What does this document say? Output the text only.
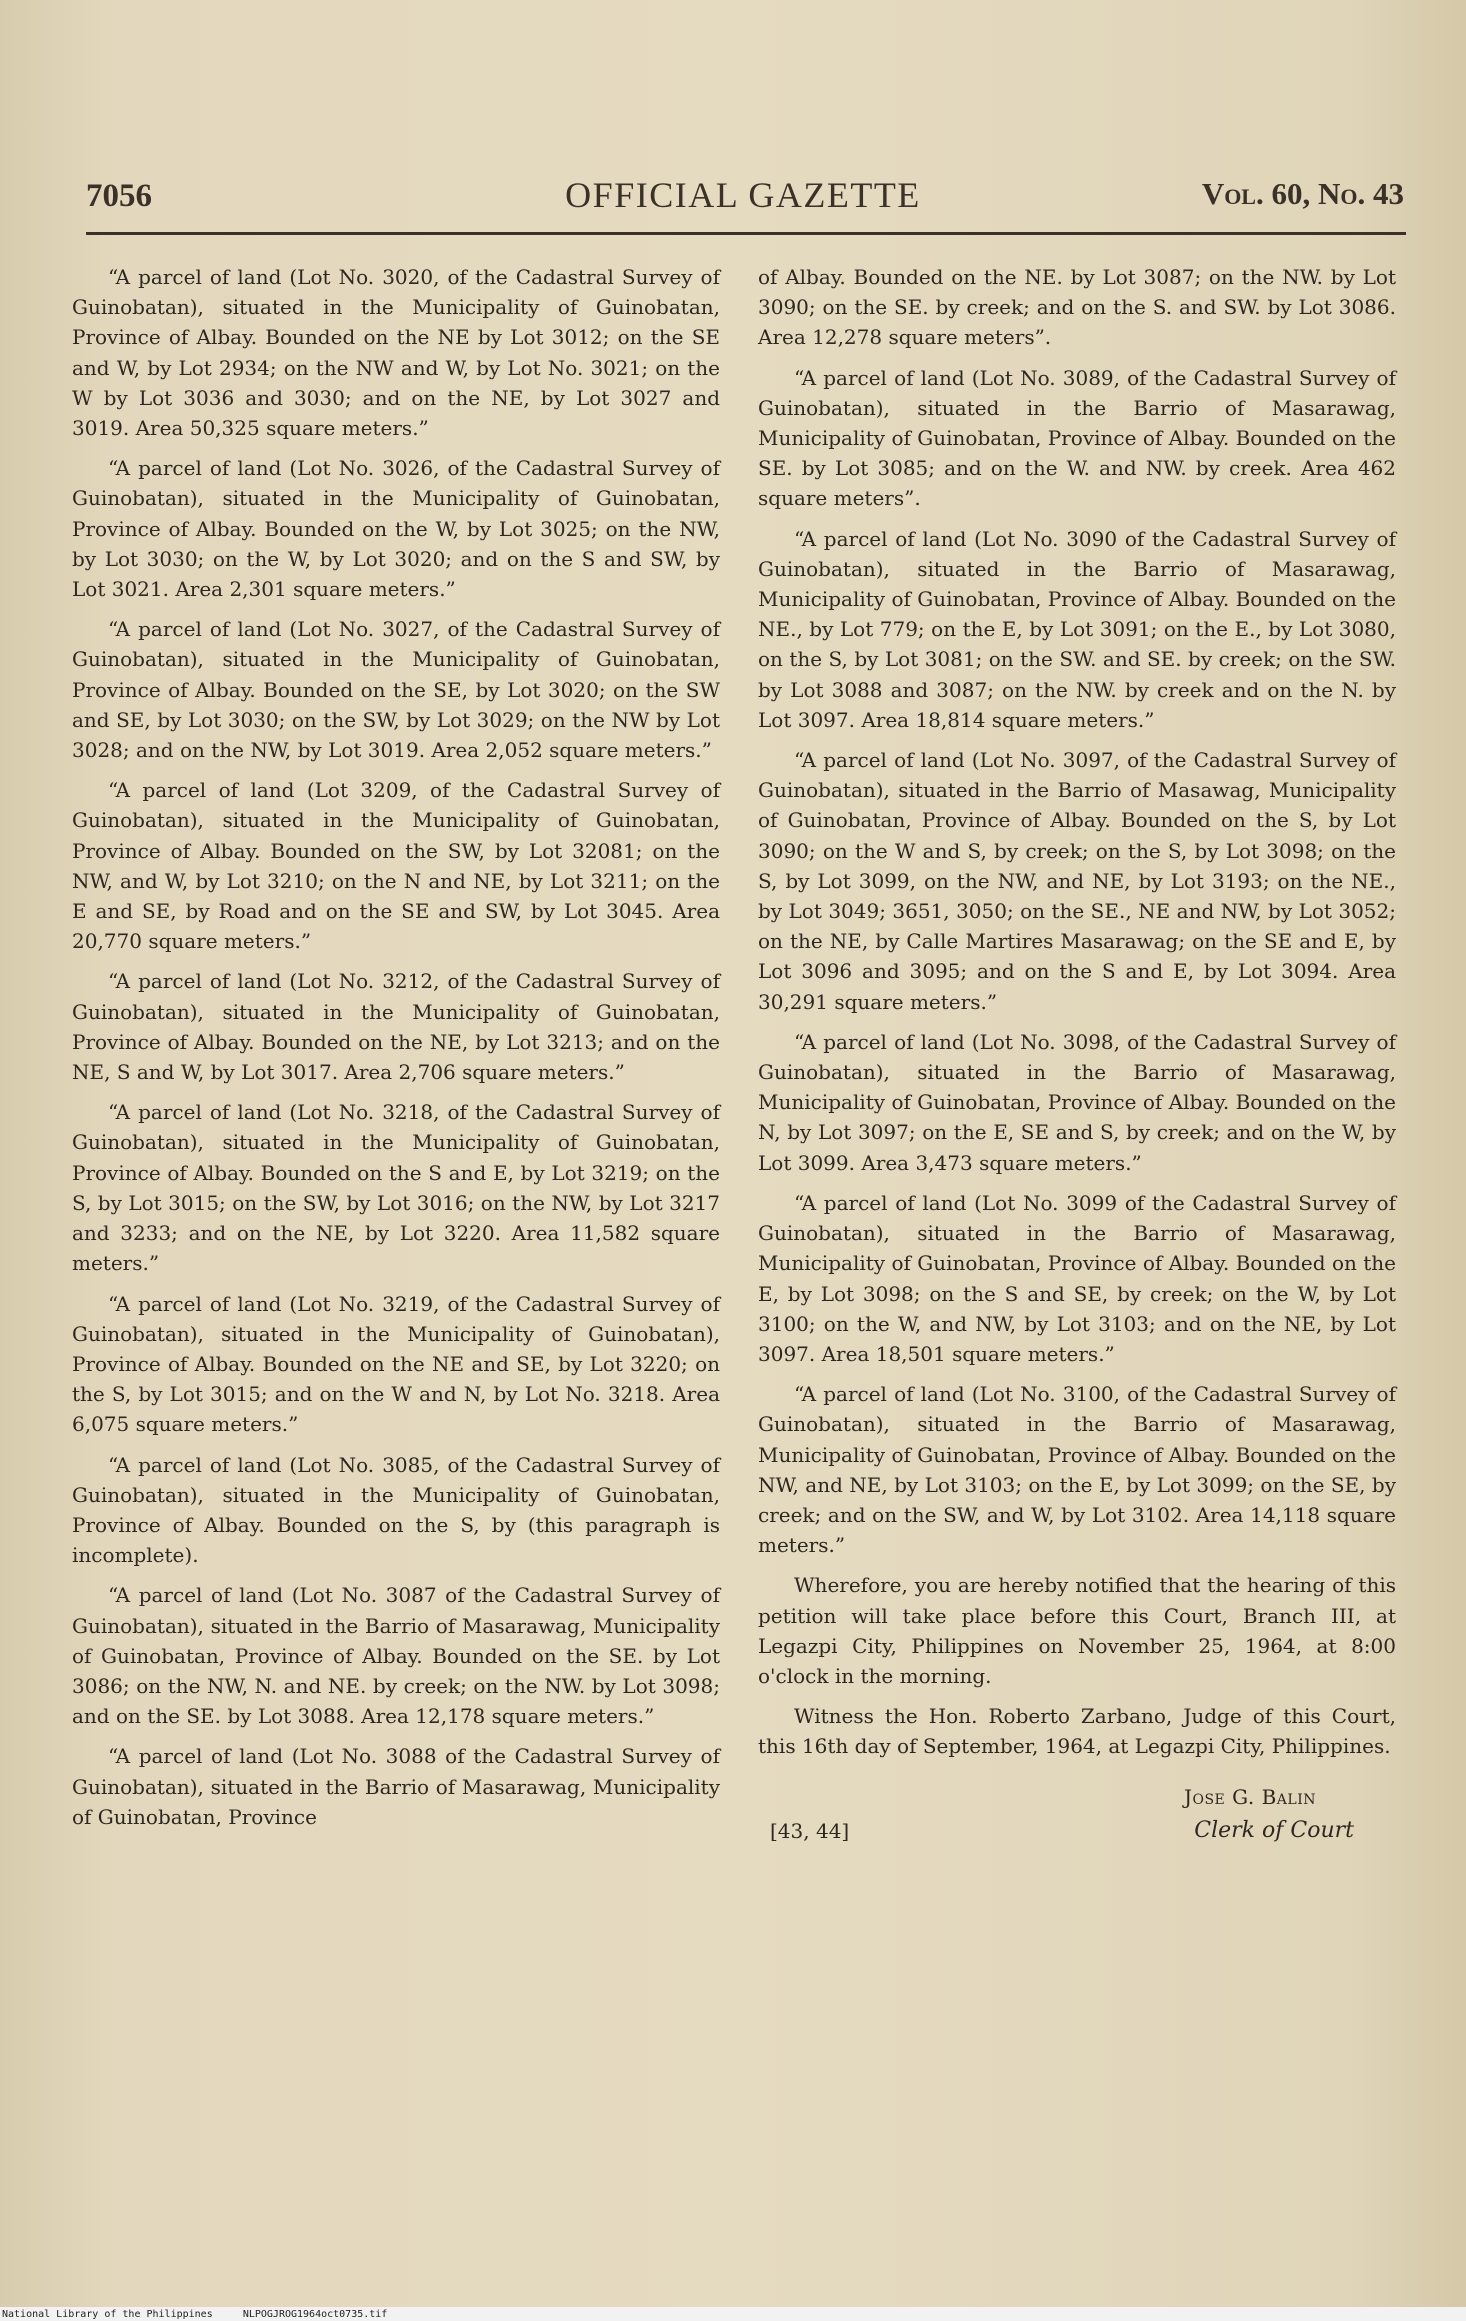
7056	OFFICIAL GAZETTE	Vol. 60, No. 43

“A parcel of land (Lot No. 3020, of the Cadastral Survey of Guinobatan), situated in the Municipality of Guinobatan, Province of Albay. Bounded on the NE by Lot 3012; on the SE and W, by Lot 2934; on the NW and W, by Lot No. 3021; on the W by Lot 3036 and 3030; and on the NE, by Lot 3027 and 3019. Area 50,325 square meters.”

“A parcel of land (Lot No. 3026, of the Cadastral Survey of Guinobatan), situated in the Municipality of Guinobatan, Province of Albay. Bounded on the W, by Lot 3025; on the NW, by Lot 3030; on the W, by Lot 3020; and on the S and SW, by Lot 3021. Area 2,301 square meters.”

“A parcel of land (Lot No. 3027, of the Cadastral Survey of Guinobatan), situated in the Municipality of Guinobatan, Province of Albay. Bounded on the SE, by Lot 3020; on the SW and SE, by Lot 3030; on the SW, by Lot 3029; on the NW by Lot 3028; and on the NW, by Lot 3019. Area 2,052 square meters.”

“A parcel of land (Lot 3209, of the Cadastral Survey of Guinobatan), situated in the Municipality of Guinobatan, Province of Albay. Bounded on the SW, by Lot 32081; on the NW, and W, by Lot 3210; on the N and NE, by Lot 3211; on the E and SE, by Road and on the SE and SW, by Lot 3045. Area 20,770 square meters.”

“A parcel of land (Lot No. 3212, of the Cadastral Survey of Guinobatan), situated in the Municipality of Guinobatan, Province of Albay. Bounded on the NE, by Lot 3213; and on the NE, S and W, by Lot 3017. Area 2,706 square meters.”

“A parcel of land (Lot No. 3218, of the Cadastral Survey of Guinobatan), situated in the Municipality of Guinobatan, Province of Albay. Bounded on the S and E, by Lot 3219; on the S, by Lot 3015; on the SW, by Lot 3016; on the NW, by Lot 3217 and 3233; and on the NE, by Lot 3220. Area 11,582 square meters.”

“A parcel of land (Lot No. 3219, of the Cadastral Survey of Guinobatan), situated in the Municipality of Guinobatan), Province of Albay. Bounded on the NE and SE, by Lot 3220; on the S, by Lot 3015; and on the W and N, by Lot No. 3218. Area 6,075 square meters.”

“A parcel of land (Lot No. 3085, of the Cadastral Survey of Guinobatan), situated in the Municipality of Guinobatan, Province of Albay. Bounded on the S, by (this paragraph is incomplete).

“A parcel of land (Lot No. 3087 of the Cadastral Survey of Guinobatan), situated in the Barrio of Masarawag, Municipality of Guinobatan, Province of Albay. Bounded on the SE. by Lot 3086; on the NW, N. and NE. by creek; on the NW. by Lot 3098; and on the SE. by Lot 3088. Area 12,178 square meters.”

“A parcel of land (Lot No. 3088 of the Cadastral Survey of Guinobatan), situated in the Barrio of Masarawag, Municipality of Guinobatan, Province

of Albay. Bounded on the NE. by Lot 3087; on the NW. by Lot 3090; on the SE. by creek; and on the S. and SW. by Lot 3086. Area 12,278 square meters”.

“A parcel of land (Lot No. 3089, of the Cadastral Survey of Guinobatan), situated in the Barrio of Masarawag, Municipality of Guinobatan, Province of Albay. Bounded on the SE. by Lot 3085; and on the W. and NW. by creek. Area 462 square meters”.

“A parcel of land (Lot No. 3090 of the Cadastral Survey of Guinobatan), situated in the Barrio of Masarawag, Municipality of Guinobatan, Province of Albay. Bounded on the NE., by Lot 779; on the E, by Lot 3091; on the E., by Lot 3080, on the S, by Lot 3081; on the SW. and SE. by creek; on the SW. by Lot 3088 and 3087; on the NW. by creek and on the N. by Lot 3097. Area 18,814 square meters.”

“A parcel of land (Lot No. 3097, of the Cadastral Survey of Guinobatan), situated in the Barrio of Masawag, Municipality of Guinobatan, Province of Albay. Bounded on the S, by Lot 3090; on the W and S, by creek; on the S, by Lot 3098; on the S, by Lot 3099, on the NW, and NE, by Lot 3193; on the NE., by Lot 3049; 3651, 3050; on the SE., NE and NW, by Lot 3052; on the NE, by Calle Martires Masarawag; on the SE and E, by Lot 3096 and 3095; and on the S and E, by Lot 3094. Area 30,291 square meters.”

“A parcel of land (Lot No. 3098, of the Cadastral Survey of Guinobatan), situated in the Barrio of Masarawag, Municipality of Guinobatan, Province of Albay. Bounded on the N, by Lot 3097; on the E, SE and S, by creek; and on the W, by Lot 3099. Area 3,473 square meters.”

“A parcel of land (Lot No. 3099 of the Cadastral Survey of Guinobatan), situated in the Barrio of Masarawag, Municipality of Guinobatan, Province of Albay. Bounded on the E, by Lot 3098; on the S and SE, by creek; on the W, by Lot 3100; on the W, and NW, by Lot 3103; and on the NE, by Lot 3097. Area 18,501 square meters.”

“A parcel of land (Lot No. 3100, of the Cadastral Survey of Guinobatan), situated in the Barrio of Masarawag, Municipality of Guinobatan, Province of Albay. Bounded on the NW, and NE, by Lot 3103; on the E, by Lot 3099; on the SE, by creek; and on the SW, and W, by Lot 3102. Area 14,118 square meters.”

Wherefore, you are hereby notified that the hearing of this petition will take place before this Court, Branch III, at Legazpi City, Philippines on November 25, 1964, at 8:00 o'clock in the morning.

Witness the Hon. Roberto Zarbano, Judge of this Court, this 16th day of September, 1964, at Legazpi City, Philippines.

Jose G. Balin
[43, 44]	Clerk of Court
National Library of the Philippines     NLPOGJROG1964oct0735.tif
